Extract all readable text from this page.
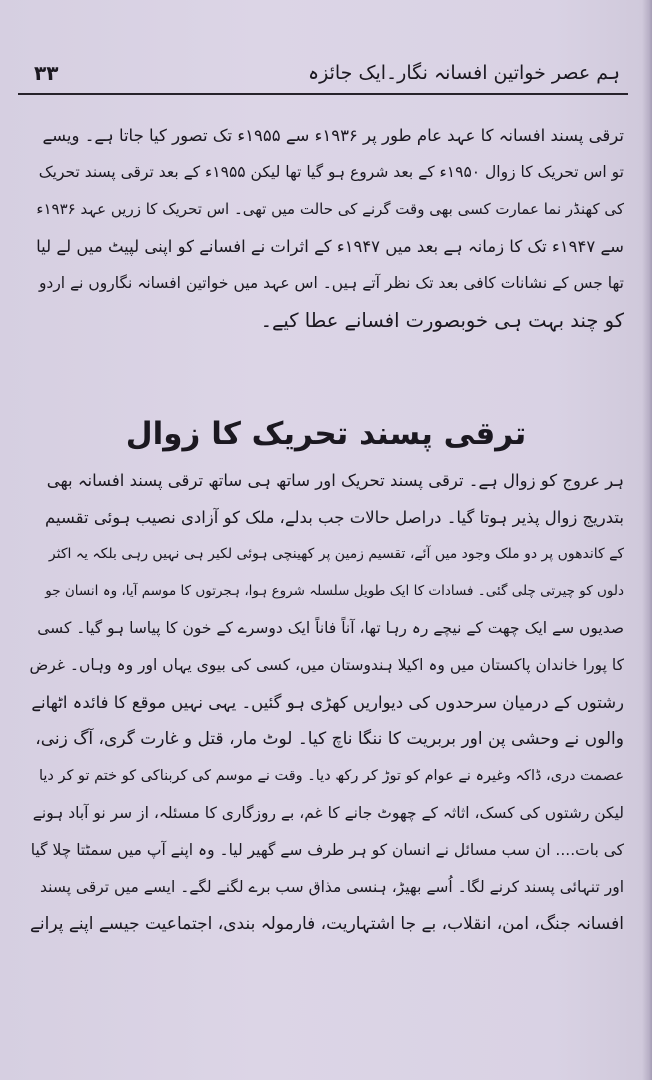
ہم عصر خواتین افسانہ نگار۔ایک جائزہ
۳۳
ترقی پسند افسانہ کا عہد عام طور پر ۱۹۳۶ء سے ۱۹۵۵ء تک تصور کیا جاتا ہے۔ ویسے
تو اس تحریک کا زوال ۱۹۵۰ء کے بعد شروع ہو گیا تھا لیکن ۱۹۵۵ء کے بعد ترقی پسند تحریک
کی کھنڈر نما عمارت کسی بھی وقت گرنے کی حالت میں تھی۔ اس تحریک کا زریں عہد ۱۹۳۶ء
سے ۱۹۴۷ء تک کا زمانہ ہے بعد میں ۱۹۴۷ء کے اثرات نے افسانے کو اپنی لپیٹ میں لے لیا
تھا جس کے نشانات کافی بعد تک نظر آتے ہیں۔ اس عہد میں خواتین افسانہ نگاروں نے اردو
کو چند بہت ہی خوبصورت افسانے عطا کیے۔
ترقی پسند تحریک کا زوال
ہر عروج کو زوال ہے۔ ترقی پسند تحریک اور ساتھ ہی ساتھ ترقی پسند افسانہ بھی
بتدریج زوال پذیر ہوتا گیا۔ دراصل حالات جب بدلے، ملک کو آزادی نصیب ہوئی تقسیم
کے کاندھوں پر دو ملک وجود میں آئے، تقسیم زمین پر کھینچی ہوئی لکیر ہی نہیں رہی بلکہ یہ اکثر
دلوں کو چیرتی چلی گئی۔ فسادات کا ایک طویل سلسلہ شروع ہوا، ہجرتوں کا موسم آیا، وہ انسان جو
صدیوں سے ایک چھت کے نیچے رہ رہا تھا، آناً فاناً ایک دوسرے کے خون کا پیاسا ہو گیا۔ کسی
کا پورا خاندان پاکستان میں وہ اکیلا ہندوستان میں، کسی کی بیوی یہاں اور وہ وہاں۔ غرض
رشتوں کے درمیان سرحدوں کی دیواریں کھڑی ہو گئیں۔ یہی نہیں موقع کا فائدہ اٹھانے
والوں نے وحشی پن اور بربریت کا ننگا ناچ کیا۔ لوٹ مار، قتل و غارت گری، آگ زنی،
عصمت دری، ڈاکہ وغیرہ نے عوام کو توڑ کر رکھ دیا۔ وقت نے موسم کی کربناکی کو ختم تو کر دیا
لیکن رشتوں کی کسک، اثاثہ کے چھوٹ جانے کا غم، بے روزگاری کا مسئلہ، از سر نو آباد ہونے
کی بات.... ان سب مسائل نے انسان کو ہر طرف سے گھیر لیا۔ وہ اپنے آپ میں سمٹتا چلا گیا
اور تنہائی پسند کرنے لگا۔ اُسے بھیڑ، ہنسی مذاق سب برے لگنے لگے۔ ایسے میں ترقی پسند
افسانہ جنگ، امن، انقلاب، بے جا اشتہاریت، فارمولہ بندی، اجتماعیت جیسے اپنے پرانے
